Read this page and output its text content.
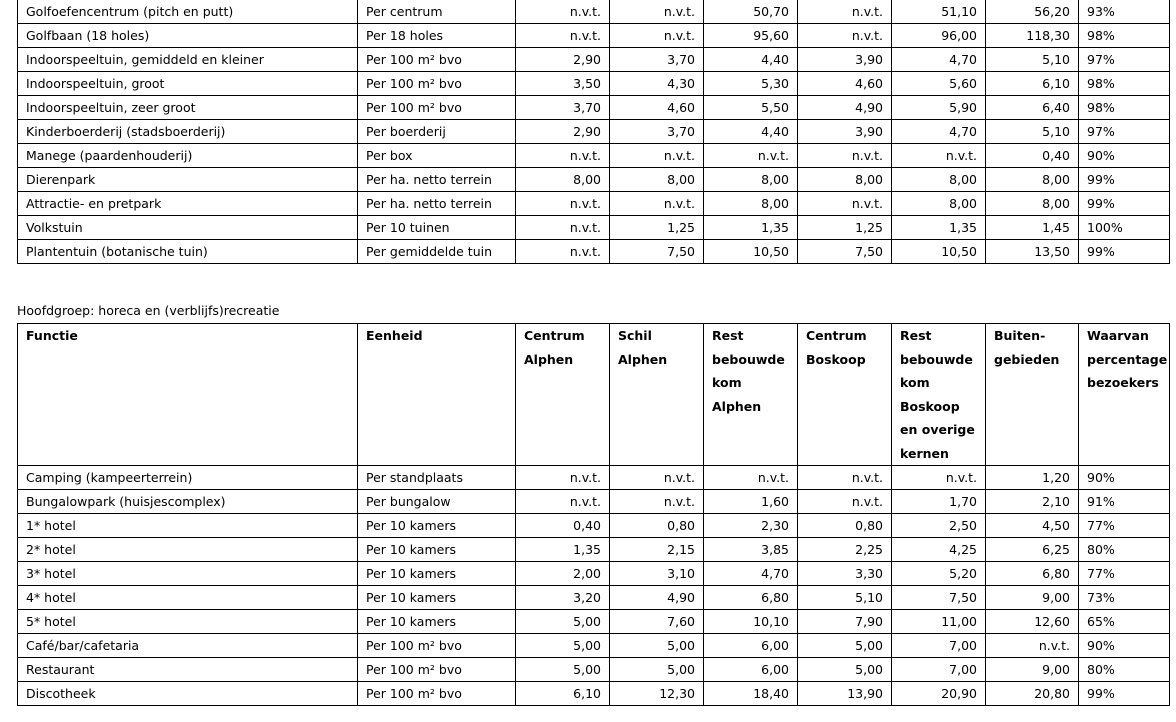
Golfoefencentrum (pitch en putt)	Per centrum	n.v.t.	n.v.t.	50,70	n.v.t.	51,10	56,20	93%
Golfbaan (18 holes)	Per 18 holes	n.v.t.	n.v.t.	95,60	n.v.t.	96,00	118,30	98%
Indoorspeeltuin, gemiddeld en kleiner	Per 100 m² bvo	2,90	3,70	4,40	3,90	4,70	5,10	97%
Indoorspeeltuin, groot	Per 100 m² bvo	3,50	4,30	5,30	4,60	5,60	6,10	98%
Indoorspeeltuin, zeer groot	Per 100 m² bvo	3,70	4,60	5,50	4,90	5,90	6,40	98%
Kinderboerderij (stadsboerderij)	Per boerderij	2,90	3,70	4,40	3,90	4,70	5,10	97%
Manege (paardenhouderij)	Per box	n.v.t.	n.v.t.	n.v.t.	n.v.t.	n.v.t.	0,40	90%
Dierenpark	Per ha. netto terrein	8,00	8,00	8,00	8,00	8,00	8,00	99%
Attractie- en pretpark	Per ha. netto terrein	n.v.t.	n.v.t.	8,00	n.v.t.	8,00	8,00	99%
Volkstuin	Per 10 tuinen	n.v.t.	1,25	1,35	1,25	1,35	1,45	100%
Plantentuin (botanische tuin)	Per gemiddelde tuin	n.v.t.	7,50	10,50	7,50	10,50	13,50	99%
Hoofdgroep: horeca en (verblijfs)recreatie
Functie	Eenheid	Centrum Alphen	Schil Alphen	Rest bebouwde kom Alphen	Centrum Boskoop	Rest bebouwde kom Boskoop en overige kernen	Buiten-gebieden	Waarvan percentage bezoekers
Camping (kampeerterrein)	Per standplaats	n.v.t.	n.v.t.	n.v.t.	n.v.t.	n.v.t.	1,20	90%
Bungalowpark (huisjescomplex)	Per bungalow	n.v.t.	n.v.t.	1,60	n.v.t.	1,70	2,10	91%
1* hotel	Per 10 kamers	0,40	0,80	2,30	0,80	2,50	4,50	77%
2* hotel	Per 10 kamers	1,35	2,15	3,85	2,25	4,25	6,25	80%
3* hotel	Per 10 kamers	2,00	3,10	4,70	3,30	5,20	6,80	77%
4* hotel	Per 10 kamers	3,20	4,90	6,80	5,10	7,50	9,00	73%
5* hotel	Per 10 kamers	5,00	7,60	10,10	7,90	11,00	12,60	65%
Café/bar/cafetaria	Per 100 m² bvo	5,00	5,00	6,00	5,00	7,00	n.v.t.	90%
Restaurant	Per 100 m² bvo	5,00	5,00	6,00	5,00	7,00	9,00	80%
Discotheek	Per 100 m² bvo	6,10	12,30	18,40	13,90	20,90	20,80	99%
